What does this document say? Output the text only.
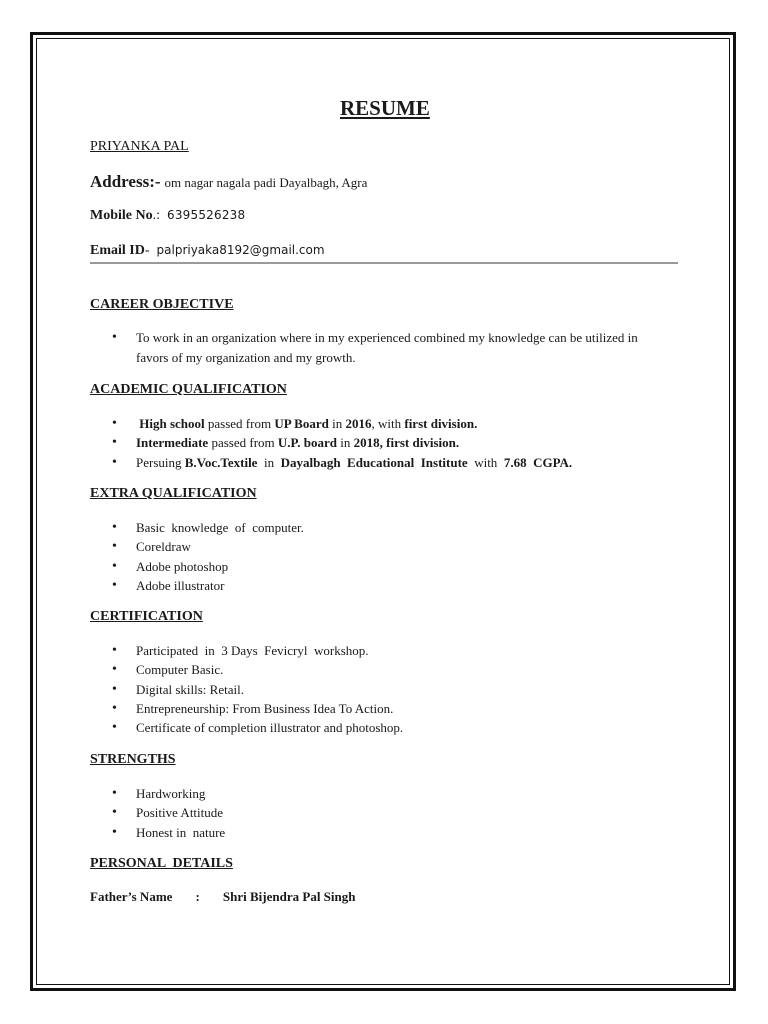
RESUME
PRIYANKA PAL
Address:- om nagar nagala padi Dayalbagh, Agra
Mobile No.: 6395526238
Email ID- palpriyaka8192@gmail.com
CAREER OBJECTIVE
• To work in an organization where in my experienced combined my knowledge can be utilized in favors of my organization and my growth.
ACADEMIC QUALIFICATION
• High school passed from UP Board in 2016, with first division.
• Intermediate passed from U.P. board in 2018, first division.
• Persuing B.Voc.Textile  in  Dayalbagh  Educational  Institute  with  7.68  CGPA.
EXTRA QUALIFICATION
• Basic  knowledge  of  computer.
• Coreldraw
• Adobe photoshop
• Adobe illustrator
CERTIFICATION
• Participated  in  3 Days  Fevicryl  workshop.
• Computer Basic.
• Digital skills: Retail.
• Entrepreneurship: From Business Idea To Action.
• Certificate of completion illustrator and photoshop.
STRENGTHS
• Hardworking
• Positive Attitude
• Honest in  nature
PERSONAL  DETAILS
Father’s Name : Shri Bijendra Pal Singh
